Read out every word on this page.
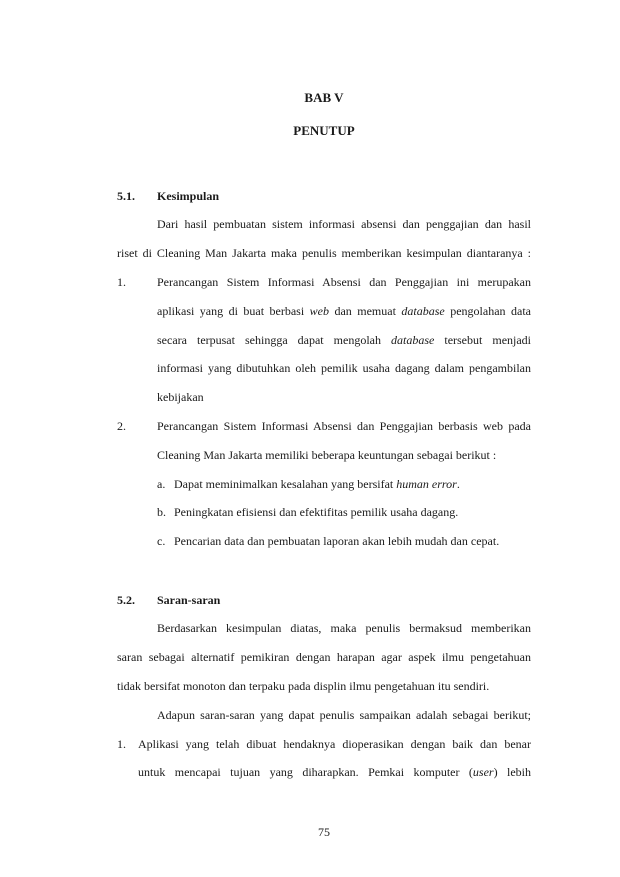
BAB V
PENUTUP
5.1. Kesimpulan
Dari hasil pembuatan sistem informasi absensi dan penggajian dan hasil
riset di Cleaning Man Jakarta maka penulis memberikan kesimpulan diantaranya :
1.	Perancangan Sistem Informasi Absensi dan Penggajian ini merupakan
aplikasi yang di buat berbasi web dan memuat database pengolahan data
secara terpusat sehingga dapat mengolah database tersebut menjadi
informasi yang dibutuhkan oleh pemilik usaha dagang dalam pengambilan
kebijakan
2.	Perancangan Sistem Informasi Absensi dan Penggajian berbasis web pada
Cleaning Man Jakarta memiliki beberapa keuntungan sebagai berikut :
a. Dapat meminimalkan kesalahan yang bersifat human error.
b. Peningkatan efisiensi dan efektifitas pemilik usaha dagang.
c. Pencarian data dan pembuatan laporan akan lebih mudah dan cepat.
5.2. Saran-saran
Berdasarkan kesimpulan diatas, maka penulis bermaksud memberikan
saran sebagai alternatif pemikiran dengan harapan agar aspek ilmu pengetahuan
tidak bersifat monoton dan terpaku pada displin ilmu pengetahuan itu sendiri.
Adapun saran-saran yang dapat penulis sampaikan adalah sebagai berikut;
1.	Aplikasi yang telah dibuat hendaknya dioperasikan dengan baik dan benar
untuk mencapai tujuan yang diharapkan. Pemkai komputer (user) lebih
75
